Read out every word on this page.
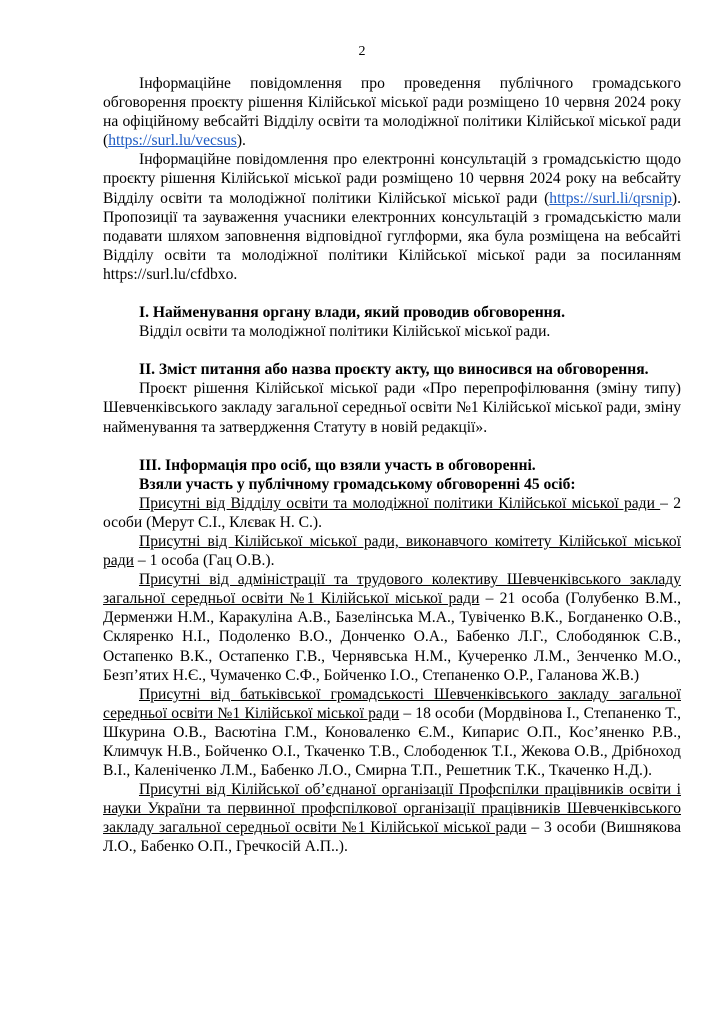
2

Інформаційне повідомлення про проведення публічного громадського обговорення проєкту рішення Кілійської міської ради розміщено 10 червня 2024 року на офіційному вебсайті Відділу освіти та молодіжної політики Кілійської міської ради (https://surl.lu/vecsus).

Інформаційне повідомлення про електронні консультацій з громадськістю щодо проєкту рішення Кілійської міської ради розміщено 10 червня 2024 року на вебсайту Відділу освіти та молодіжної політики Кілійської міської ради (https://surl.li/qrsnip). Пропозиції та зауваження учасники електронних консультацій з громадськістю мали подавати шляхом заповнення відповідної гуглформи, яка була розміщена на вебсайті Відділу освіти та молодіжної політики Кілійської міської ради за посиланням https://surl.lu/cfdbxo.

І. Найменування органу влади, який проводив обговорення.

Відділ освіти та молодіжної політики Кілійської міської ради.

ІІ. Зміст питання або назва проєкту акту, що виносився на обговорення.

Проєкт рішення Кілійської міської ради «Про перепрофілювання (зміну типу) Шевченківського закладу загальної середньої освіти №1 Кілійської міської ради, зміну найменування та затвердження Статуту в новій редакції».

ІІІ. Інформація про осіб, що взяли участь в обговоренні.

Взяли участь у публічному громадському обговоренні 45 осіб:

Присутні від Відділу освіти та молодіжної політики Кілійської міської ради – 2 особи (Мерут С.І., Клєвак Н. С.).

Присутні від Кілійської міської ради, виконавчого комітету Кілійської міської ради – 1 особа (Гац О.В.).

Присутні від адміністрації та трудового колективу Шевченківського закладу загальної середньої освіти №1 Кілійської міської ради – 21 особа (Голубенко В.М., Дерменжи Н.М., Каракуліна А.В., Базелінська М.А., Тувіченко В.К., Богданенко О.В., Скляренко Н.І., Подоленко В.О., Донченко О.А., Бабенко Л.Г., Слободянюк С.В., Остапенко В.К., Остапенко Г.В., Чернявська Н.М., Кучеренко Л.М., Зенченко М.О., Безп’ятих Н.Є., Чумаченко С.Ф., Бойченко І.О., Степаненко О.Р., Галанова Ж.В.)

Присутні від батьківської громадськості Шевченківського закладу загальної середньої освіти №1 Кілійської міської ради – 18 особи (Мордвінова І., Степаненко Т., Шкурина О.В., Васютіна Г.М., Коноваленко Є.М., Кипарис О.П., Кос’яненко Р.В., Климчук Н.В., Бойченко О.І., Ткаченко Т.В., Слободенюк Т.І., Жекова О.В., Дрібноход В.І., Каленіченко Л.М., Бабенко Л.О., Смирна Т.П., Решетник Т.К., Ткаченко Н.Д.).

Присутні від Кілійської об’єднаної організації Профспілки працівників освіти і науки України та первинної профспілкової організації працівників Шевченківського закладу загальної середньої освіти №1 Кілійської міської ради – 3 особи (Вишнякова Л.О., Бабенко О.П., Гречкосій А.П..).
